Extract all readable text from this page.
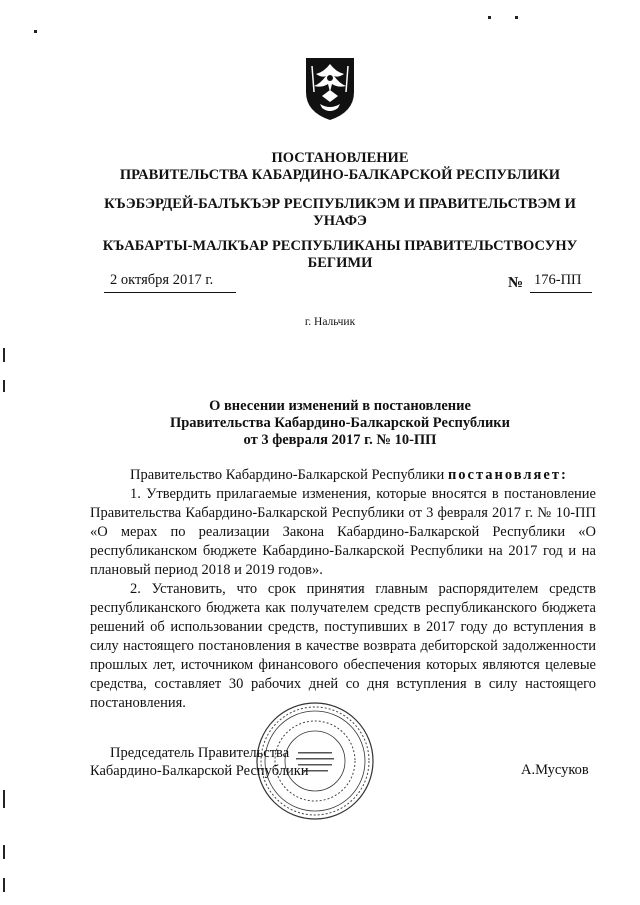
ПОСТАНОВЛЕНИЕ
ПРАВИТЕЛЬСТВА КАБАРДИНО-БАЛКАРСКОЙ РЕСПУБЛИКИ
КЪЭБЭРДЕЙ-БАЛЪКЪЭР РЕСПУБЛИКЭМ И ПРАВИТЕЛЬСТВЭМ И
УНАФЭ
КЪАБАРТЫ-МАЛКЪАР РЕСПУБЛИКАНЫ ПРАВИТЕЛЬСТВОСУНУ
БЕГИМИ
2 октября 2017 г.	№ 176-ПП
г. Нальчик
О внесении изменений в постановление
Правительства Кабардино-Балкарской Республики
от 3 февраля 2017 г. № 10-ПП

Правительство Кабардино-Балкарской Республики постановляет:

1. Утвердить прилагаемые изменения, которые вносятся в постановление Правительства Кабардино-Балкарской Республики от 3 февраля 2017 г. № 10-ПП «О мерах по реализации Закона Кабардино-Балкарской Республики «О республиканском бюджете Кабардино-Балкарской Республики на 2017 год и на плановый период 2018 и 2019 годов».

2. Установить, что срок принятия главным распорядителем средств республиканского бюджета как получателем средств республиканского бюджета решений об использовании средств, поступивших в 2017 году до вступления в силу настоящего постановления в качестве возврата дебиторской задолженности прошлых лет, источником финансового обеспечения которых являются целевые средства, составляет 30 рабочих дней со дня вступления в силу настоящего постановления.

Председатель Правительства
Кабардино-Балкарской Республики	А.Мусуков
